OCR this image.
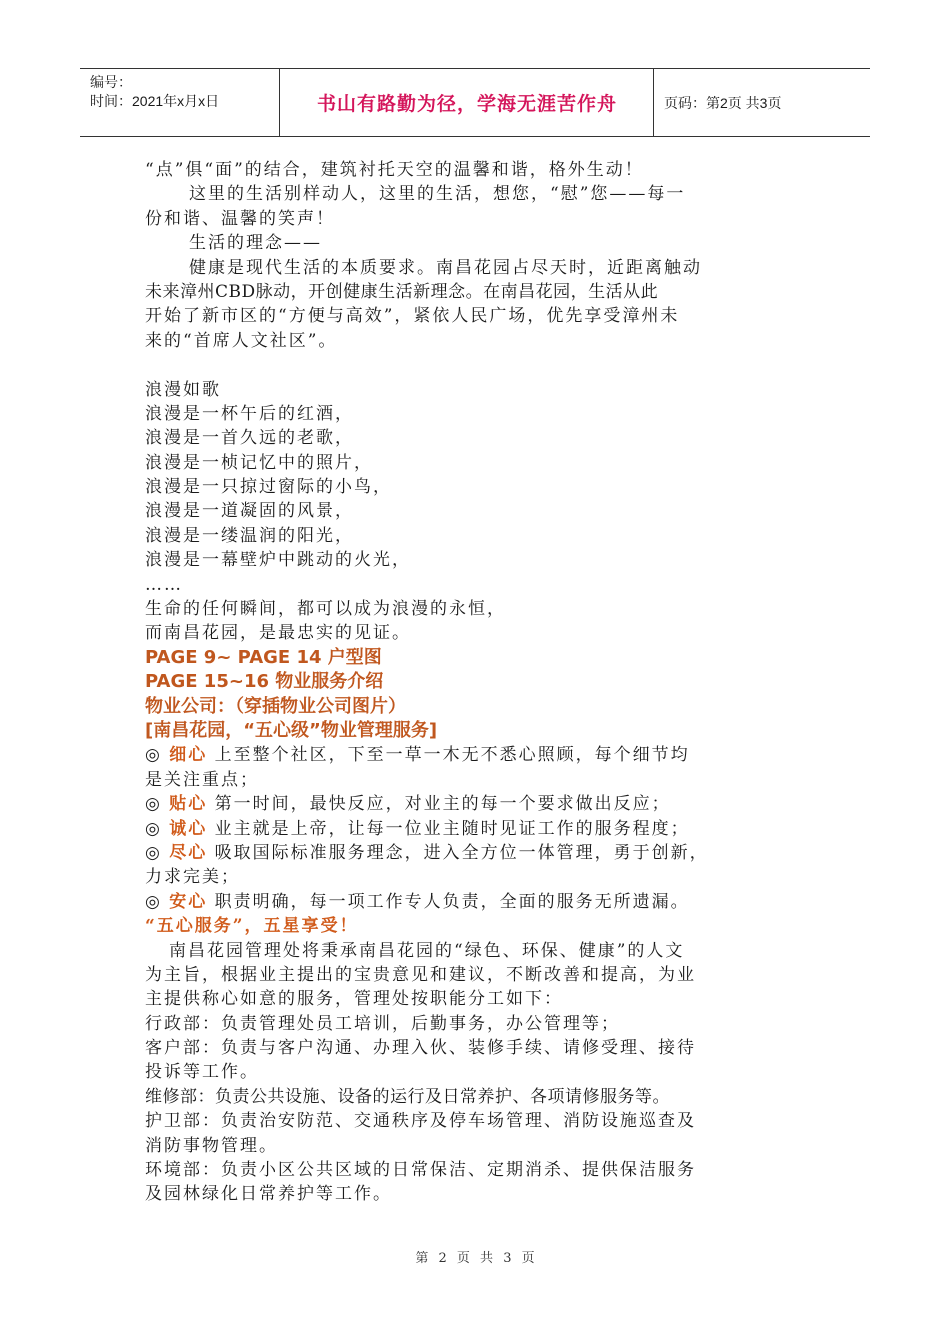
编号：
时间：2021年x月x日	书山有路勤为径，学海无涯苦作舟	页码：第2页 共3页
“点”俱“面”的结合，建筑衬托天空的温馨和谐，格外生动！
这里的生活别样动人，这里的生活，想您，“慰”您——每一
份和谐、温馨的笑声！
生活的理念——
健康是现代生活的本质要求。南昌花园占尽天时，近距离触动
未来漳州CBD脉动，开创健康生活新理念。在南昌花园，生活从此
开始了新市区的“方便与高效”，紧依人民广场，优先享受漳州未
来的“首席人文社区”。
浪漫如歌
浪漫是一杯午后的红酒，
浪漫是一首久远的老歌，
浪漫是一桢记忆中的照片，
浪漫是一只掠过窗际的小鸟，
浪漫是一道凝固的风景，
浪漫是一缕温润的阳光，
浪漫是一幕壁炉中跳动的火光，
……
生命的任何瞬间，都可以成为浪漫的永恒，
而南昌花园，是最忠实的见证。
PAGE 9~ PAGE 14 户型图
PAGE 15~16 物业服务介绍
物业公司：（穿插物业公司图片）
[南昌花园，“五心级”物业管理服务]
◎ 细心 上至整个社区，下至一草一木无不悉心照顾，每个细节均
是关注重点；
◎ 贴心 第一时间，最快反应，对业主的每一个要求做出反应；
◎ 诚心 业主就是上帝，让每一位业主随时见证工作的服务程度；
◎ 尽心 吸取国际标准服务理念，进入全方位一体管理，勇于创新，
力求完美；
◎ 安心 职责明确，每一项工作专人负责，全面的服务无所遗漏。
“五心服务”，五星享受！
南昌花园管理处将秉承南昌花园的“绿色、环保、健康”的人文
为主旨，根据业主提出的宝贵意见和建议，不断改善和提高，为业
主提供称心如意的服务，管理处按职能分工如下：
行政部：负责管理处员工培训，后勤事务，办公管理等；
客户部：负责与客户沟通、办理入伙、装修手续、请修受理、接待
投诉等工作。
维修部：负责公共设施、设备的运行及日常养护、各项请修服务等。
护卫部：负责治安防范、交通秩序及停车场管理、消防设施巡查及
消防事物管理。
环境部：负责小区公共区域的日常保洁、定期消杀、提供保洁服务
及园林绿化日常养护等工作。
第 2 页 共 3 页
